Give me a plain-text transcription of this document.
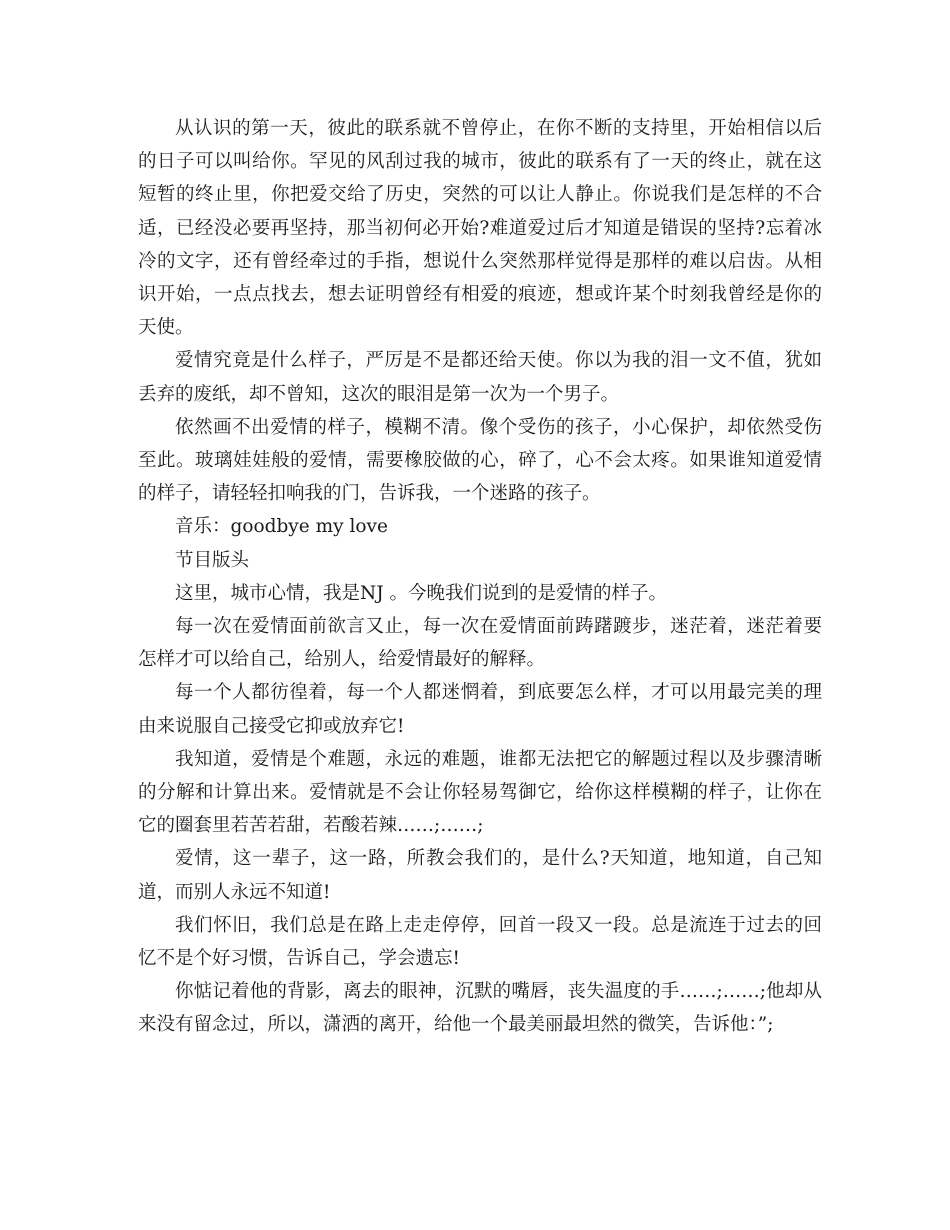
从认识的第一天，彼此的联系就不曾停止，在你不断的支持里，开始相信以后的日子可以叫给你。罕见的风刮过我的城市，彼此的联系有了一天的终止，就在这短暂的终止里，你把爱交给了历史，突然的可以让人静止。你说我们是怎样的不合适，已经没必要再坚持，那当初何必开始?难道爱过后才知道是错误的坚持?忘着冰冷的文字，还有曾经牵过的手指，想说什么突然那样觉得是那样的难以启齿。从相识开始，一点点找去，想去证明曾经有相爱的痕迹，想或许某个时刻我曾经是你的天使。

爱情究竟是什么样子，严厉是不是都还给天使。你以为我的泪一文不值，犹如丢弃的废纸，却不曾知，这次的眼泪是第一次为一个男子。

依然画不出爱情的样子，模糊不清。像个受伤的孩子，小心保护，却依然受伤至此。玻璃娃娃般的爱情，需要橡胶做的心，碎了，心不会太疼。如果谁知道爱情的样子，请轻轻扣响我的门，告诉我，一个迷路的孩子。

音乐：goodbye my love

节目版头

这里，城市心情，我是NJ 。今晚我们说到的是爱情的样子。

每一次在爱情面前欲言又止，每一次在爱情面前踌躇踱步，迷茫着，迷茫着要怎样才可以给自己，给别人，给爱情最好的解释。

每一个人都彷徨着，每一个人都迷惘着，到底要怎么样，才可以用最完美的理由来说服自己接受它抑或放弃它!

我知道，爱情是个难题，永远的难题，谁都无法把它的解题过程以及步骤清晰的分解和计算出来。爱情就是不会让你轻易驾御它，给你这样模糊的样子，让你在它的圈套里若苦若甜，若酸若辣……;……;

爱情，这一辈子，这一路，所教会我们的，是什么?天知道，地知道，自己知道，而别人永远不知道!

我们怀旧，我们总是在路上走走停停，回首一段又一段。总是流连于过去的回忆不是个好习惯，告诉自己，学会遗忘!

你惦记着他的背影，离去的眼神，沉默的嘴唇，丧失温度的手……;……;他却从来没有留念过，所以，潇洒的离开，给他一个最美丽最坦然的微笑，告诉他：”;
